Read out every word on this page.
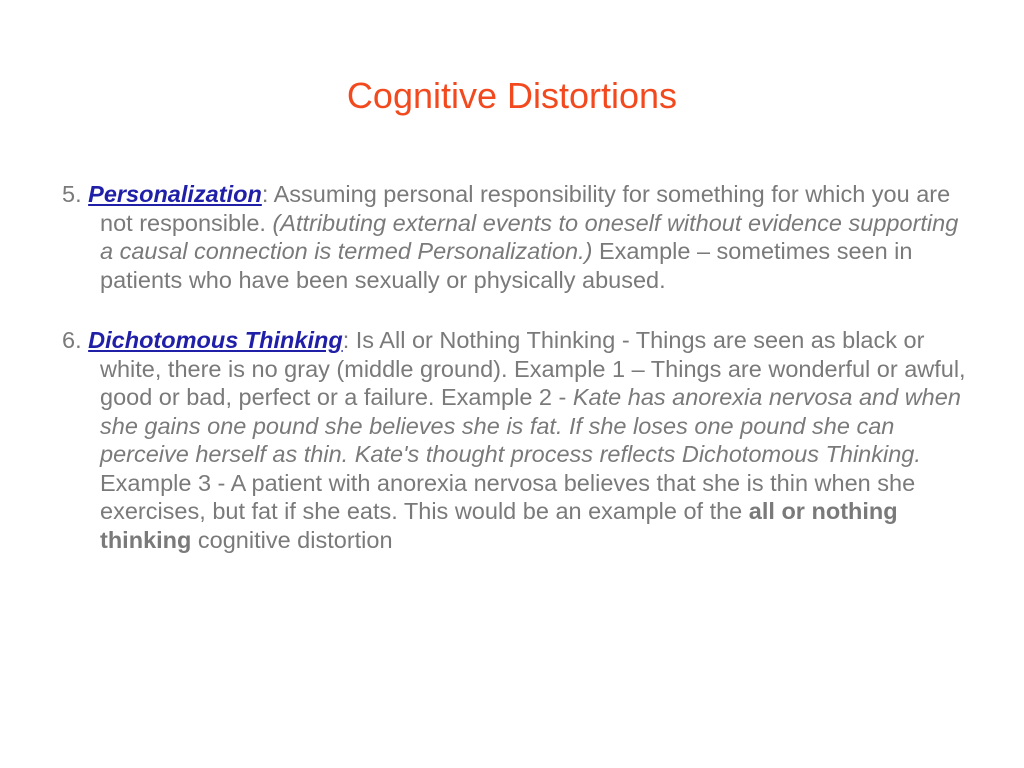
Cognitive Distortions

5. Personalization: Assuming personal responsibility for something for which you are not responsible. (Attributing external events to oneself without evidence supporting a causal connection is termed Personalization.) Example – sometimes seen in patients who have been sexually or physically abused.

6. Dichotomous Thinking: Is All or Nothing Thinking - Things are seen as black or white, there is no gray (middle ground). Example 1 – Things are wonderful or awful, good or bad, perfect or a failure. Example 2 - Kate has anorexia nervosa and when she gains one pound she believes she is fat. If she loses one pound she can perceive herself as thin. Kate's thought process reflects Dichotomous Thinking. Example 3 - A patient with anorexia nervosa believes that she is thin when she exercises, but fat if she eats. This would be an example of the all or nothing thinking cognitive distortion
